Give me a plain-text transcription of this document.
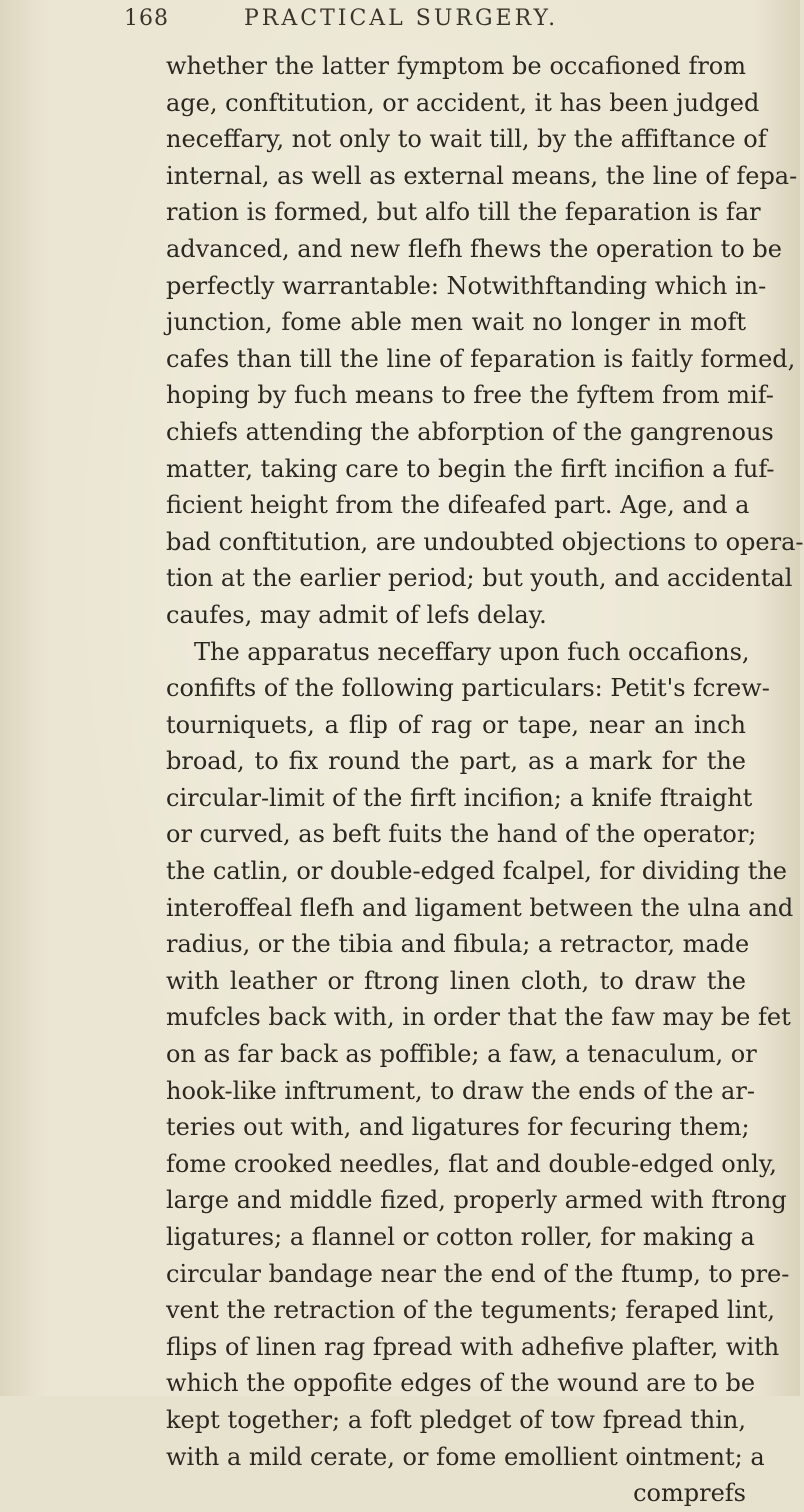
168	PRACTICAL SURGERY.
whether the latter fymptom be occafioned from
age, conftitution, or accident, it has been judged
neceffary, not only to wait till, by the affiftance of
internal, as well as external means, the line of fepa-
ration is formed, but alfo till the feparation is far
advanced, and new flefh fhews the operation to be
perfectly warrantable: Notwithftanding which in-
junction, fome able men wait no longer in moft
cafes than till the line of feparation is faitly formed,
hoping by fuch means to free the fyftem from mif-
chiefs attending the abforption of the gangrenous
matter, taking care to begin the firft incifion a fuf-
ficient height from the difeafed part. Age, and a
bad conftitution, are undoubted objections to opera-
tion at the earlier period; but youth, and accidental
caufes, may admit of lefs delay.
The apparatus neceffary upon fuch occafions,
confifts of the following particulars: Petit's fcrew-
tourniquets, a flip of rag or tape, near an inch
broad, to fix round the part, as a mark for the
circular-limit of the firft incifion; a knife ftraight
or curved, as beft fuits the hand of the operator;
the catlin, or double-edged fcalpel, for dividing the
interoffeal flefh and ligament between the ulna and
radius, or the tibia and fibula; a retractor, made
with leather or ftrong linen cloth, to draw the
mufcles back with, in order that the faw may be fet
on as far back as poffible; a faw, a tenaculum, or
hook-like inftrument, to draw the ends of the ar-
teries out with, and ligatures for fecuring them;
fome crooked needles, flat and double-edged only,
large and middle fized, properly armed with ftrong
ligatures; a flannel or cotton roller, for making a
circular bandage near the end of the ftump, to pre-
vent the retraction of the teguments; feraped lint,
flips of linen rag fpread with adhefive plafter, with
which the oppofite edges of the wound are to be
kept together; a foft pledget of tow fpread thin,
with a mild cerate, or fome emollient ointment; a
comprefs
